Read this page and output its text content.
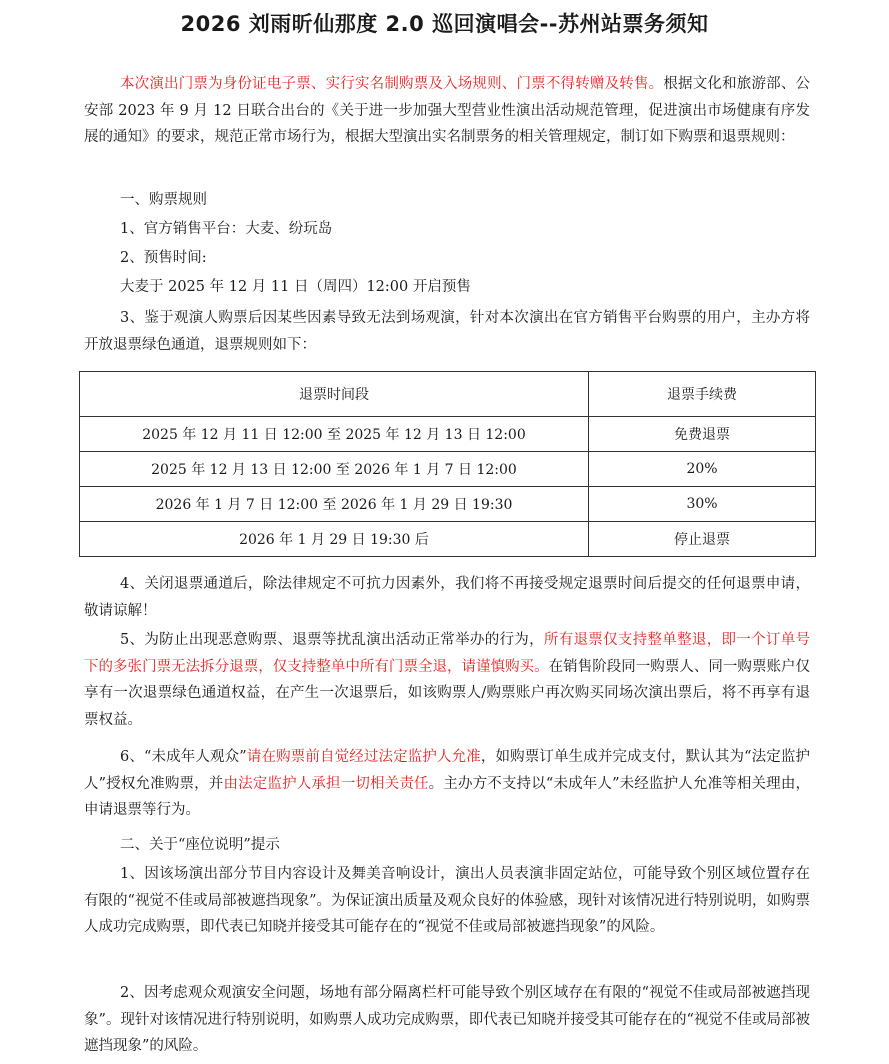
2026 刘雨昕仙那度 2.0 巡回演唱会--苏州站票务须知
本次演出门票为身份证电子票、实行实名制购票及入场规则、门票不得转赠及转售。根据文化和旅游部、公安部 2023 年 9 月 12 日联合出台的《关于进一步加强大型营业性演出活动规范管理，促进演出市场健康有序发展的通知》的要求，规范正常市场行为，根据大型演出实名制票务的相关管理规定，制订如下购票和退票规则：
一、购票规则
1、官方销售平台：大麦、纷玩岛
2、预售时间:
大麦于 2025 年 12 月 11 日（周四）12:00 开启预售
3、鉴于观演人购票后因某些因素导致无法到场观演，针对本次演出在官方销售平台购票的用户，主办方将开放退票绿色通道，退票规则如下：
退票时间段	退票手续费
2025 年 12 月 11 日 12:00 至 2025 年 12 月 13 日 12:00	免费退票
2025 年 12 月 13 日 12:00 至 2026 年 1 月 7 日 12:00	20%
2026 年 1 月 7 日 12:00 至 2026 年 1 月 29 日 19:30	30%
2026 年 1 月 29 日 19:30 后	停止退票
4、关闭退票通道后，除法律规定不可抗力因素外，我们将不再接受规定退票时间后提交的任何退票申请，敬请谅解！
5、为防止出现恶意购票、退票等扰乱演出活动正常举办的行为，所有退票仅支持整单整退，即一个订单号下的多张门票无法拆分退票，仅支持整单中所有门票全退，请谨慎购买。在销售阶段同一购票人、同一购票账户仅享有一次退票绿色通道权益，在产生一次退票后，如该购票人/购票账户再次购买同场次演出票后，将不再享有退票权益。
6、“未成年人观众”请在购票前自觉经过法定监护人允准，如购票订单生成并完成支付，默认其为“法定监护人”授权允准购票，并由法定监护人承担一切相关责任。主办方不支持以“未成年人”未经监护人允准等相关理由，申请退票等行为。
二、关于“座位说明”提示
1、因该场演出部分节目内容设计及舞美音响设计，演出人员表演非固定站位，可能导致个别区域位置存在有限的“视觉不佳或局部被遮挡现象”。为保证演出质量及观众良好的体验感，现针对该情况进行特别说明，如购票人成功完成购票，即代表已知晓并接受其可能存在的“视觉不佳或局部被遮挡现象”的风险。
2、因考虑观众观演安全问题，场地有部分隔离栏杆可能导致个别区域存在有限的“视觉不佳或局部被遮挡现象”。现针对该情况进行特别说明，如购票人成功完成购票，即代表已知晓并接受其可能存在的“视觉不佳或局部被遮挡现象”的风险。
